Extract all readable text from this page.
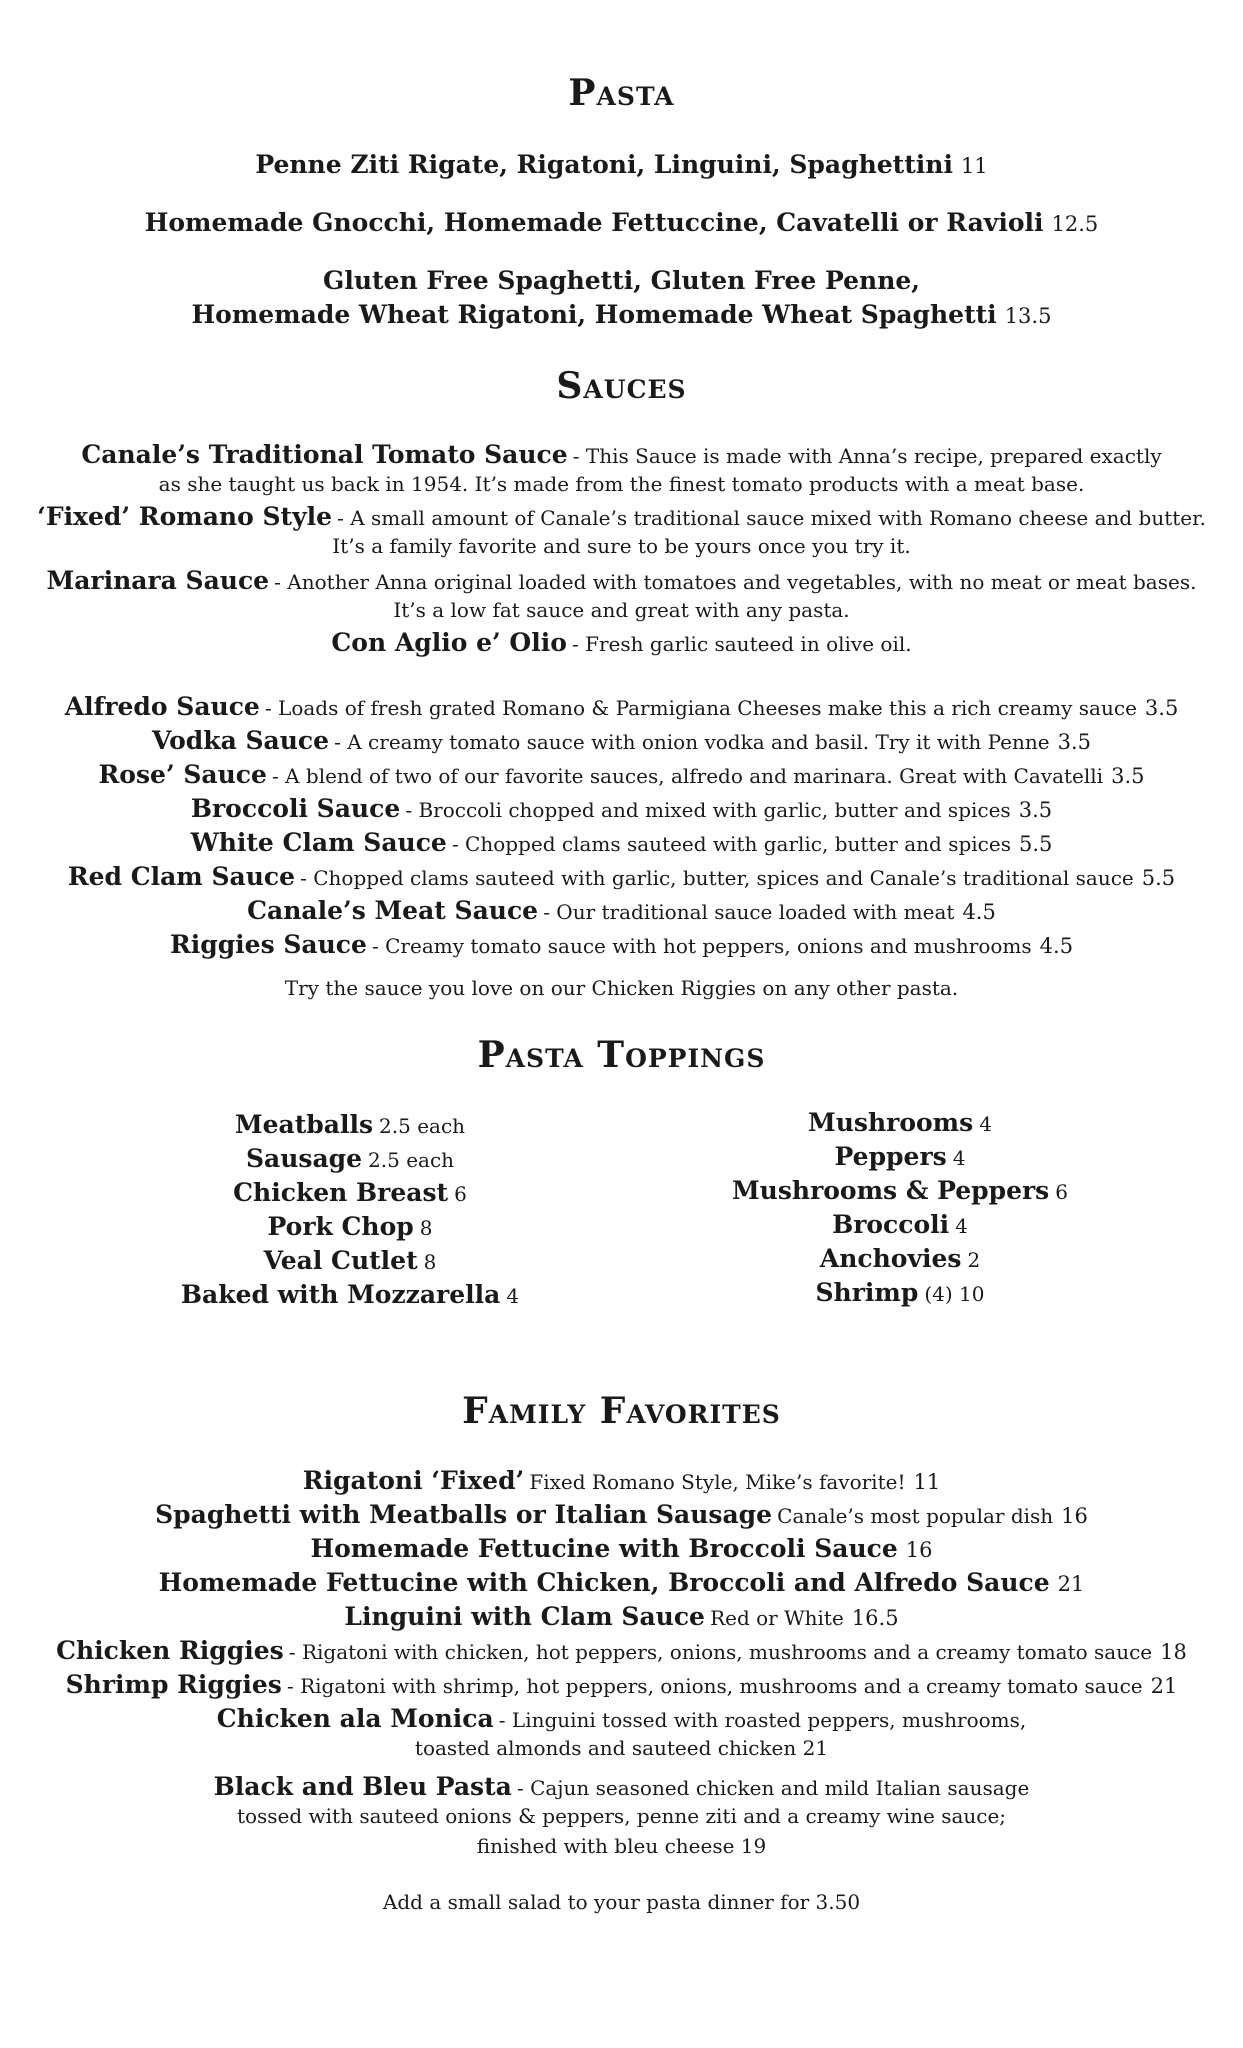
Pasta
Penne Ziti Rigate, Rigatoni, Linguini, Spaghettini 11
Homemade Gnocchi, Homemade Fettuccine, Cavatelli or Ravioli 12.5
Gluten Free Spaghetti, Gluten Free Penne,
Homemade Wheat Rigatoni, Homemade Wheat Spaghetti 13.5
Sauces
Canale’s Traditional Tomato Sauce - This Sauce is made with Anna’s recipe, prepared exactly
as she taught us back in 1954. It’s made from the finest tomato products with a meat base.
‘Fixed’ Romano Style - A small amount of Canale’s traditional sauce mixed with Romano cheese and butter.
It’s a family favorite and sure to be yours once you try it.
Marinara Sauce - Another Anna original loaded with tomatoes and vegetables, with no meat or meat bases.
It’s a low fat sauce and great with any pasta.
Con Aglio e’ Olio - Fresh garlic sauteed in olive oil.
Alfredo Sauce - Loads of fresh grated Romano & Parmigiana Cheeses make this a rich creamy sauce 3.5
Vodka Sauce - A creamy tomato sauce with onion vodka and basil. Try it with Penne 3.5
Rose’ Sauce - A blend of two of our favorite sauces, alfredo and marinara. Great with Cavatelli 3.5
Broccoli Sauce - Broccoli chopped and mixed with garlic, butter and spices 3.5
White Clam Sauce - Chopped clams sauteed with garlic, butter and spices 5.5
Red Clam Sauce - Chopped clams sauteed with garlic, butter, spices and Canale’s traditional sauce 5.5
Canale’s Meat Sauce - Our traditional sauce loaded with meat 4.5
Riggies Sauce - Creamy tomato sauce with hot peppers, onions and mushrooms 4.5
Try the sauce you love on our Chicken Riggies on any other pasta.
Pasta Toppings
Meatballs 2.5 each
Sausage 2.5 each
Chicken Breast 6
Pork Chop 8
Veal Cutlet 8
Baked with Mozzarella 4
Mushrooms 4
Peppers 4
Mushrooms & Peppers 6
Broccoli 4
Anchovies 2
Shrimp (4) 10
Family Favorites
Rigatoni ‘Fixed’ Fixed Romano Style, Mike’s favorite! 11
Spaghetti with Meatballs or Italian Sausage Canale’s most popular dish 16
Homemade Fettucine with Broccoli Sauce 16
Homemade Fettucine with Chicken, Broccoli and Alfredo Sauce 21
Linguini with Clam Sauce Red or White 16.5
Chicken Riggies - Rigatoni with chicken, hot peppers, onions, mushrooms and a creamy tomato sauce 18
Shrimp Riggies - Rigatoni with shrimp, hot peppers, onions, mushrooms and a creamy tomato sauce 21
Chicken ala Monica - Linguini tossed with roasted peppers, mushrooms,
toasted almonds and sauteed chicken 21
Black and Bleu Pasta - Cajun seasoned chicken and mild Italian sausage
tossed with sauteed onions & peppers, penne ziti and a creamy wine sauce;
finished with bleu cheese 19
Add a small salad to your pasta dinner for 3.50
